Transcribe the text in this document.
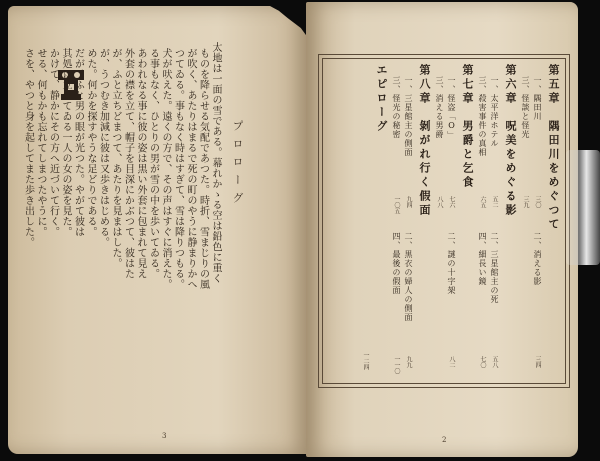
プロローグ
太地は一面の雪である。幕れかゝる空は鉛色に重く
ものを降らせる気配であつた。時折、雪まじりの風
が吹く、あたりはまるで死の町のやうに静まりかへ
つてゐる。事もなく時はすぎて、雪は降りつもる。
犬が吠えた。遠くの方で、その声はすぐに消えた。
る事もなく、ひとりの男が雪の中を歩いてゐる。
あわれなる事に彼の姿は黒い外套に包まれて見え
外套の襟を立て、帽子を目深にかぶつて、彼はた
が、ふと立ちどまつて、あたりを見まはした。
が、うつむき加減に彼は又歩きはじめる。
めた。何かを探すやうな足どりである。
だが、ふと男の眼が光つた。やがて彼は
其処に立つてゐる一人の女の姿を見た。
かけて、静かにその方へ近づいて行く。
せる、何もかも忘れてしまつたやうに。
さを、やつと身を起してまた歩き出した。
3
第五章　隅田川をめぐつて
一、隅田川
三〇
二、消える影
三四
三、怪談と怪光
三九
第六章　呪美をめぐる影
一、太平洋ホテル
五二
二、三星館主の死
五八
三、殺害事件の真相
六五
四、細長い鏡
七〇
第七章　男爵と乞食
一、怪盗「O」
七六
二、謎の十字架
八二
三、消える男爵
八八
第八章　剝がれ行く假面
一、三星館主の側面
九四
二、黒衣の婦人の側面
九九
三、怪光の秘密
一〇五
四、最後の假面
一一〇
エピローグ
一二四
2
